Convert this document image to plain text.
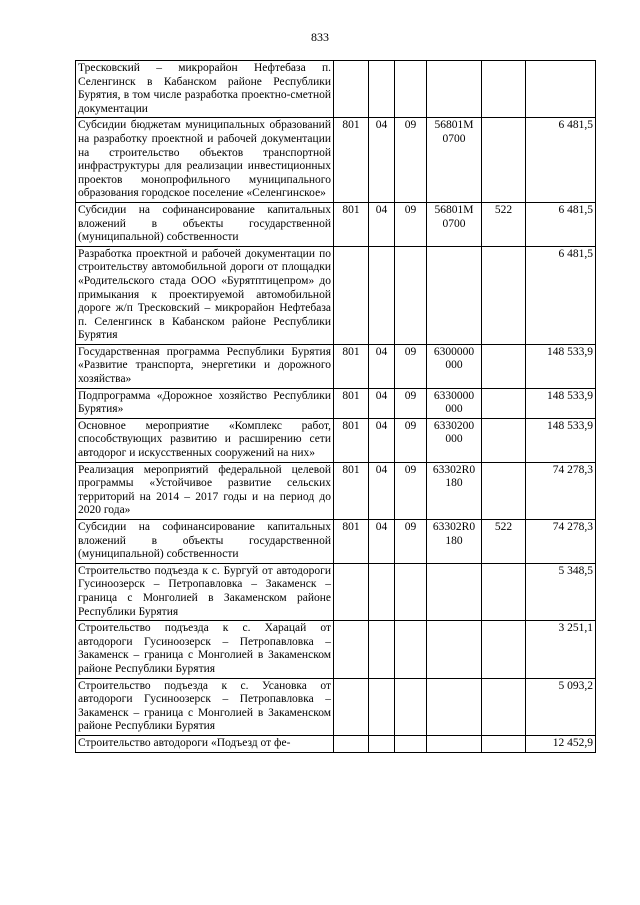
833
Тресковский – микрорайон Нефтебаза п. Селенгинск в Кабанском районе Республики Бурятия, в том числе разработка проектно-сметной документации						
Субсидии бюджетам муниципальных образований на разработку проектной и рабочей документации на строительство объектов транспортной инфраструктуры для реализации инвестиционных проектов монопрофильного муниципального образования городское поселение «Селенгинское»	801	04	09	56801М 0700		6 481,5
Субсидии на софинансирование капитальных вложений в объекты государственной (муниципальной) собственности	801	04	09	56801М 0700	522	6 481,5
Разработка проектной и рабочей документации по строительству автомобильной дороги от площадки «Родительского стада ООО «Бурятптицепром» до примыкания к проектируемой автомобильной дороге ж/п Тресковский – микрорайон Нефтебаза п. Селенгинск в Кабанском районе Республики Бурятия						6 481,5
Государственная программа Республики Бурятия «Развитие транспорта, энергетики и дорожного хозяйства»	801	04	09	6300000 000		148 533,9
Подпрограмма «Дорожное хозяйство Республики Бурятия»	801	04	09	6330000 000		148 533,9
Основное мероприятие «Комплекс работ, способствующих развитию и расширению сети автодорог и искусственных сооружений на них»	801	04	09	6330200 000		148 533,9
Реализация мероприятий федеральной целевой программы «Устойчивое развитие сельских территорий на 2014 – 2017 годы и на период до 2020 года»	801	04	09	63302R0 180		74 278,3
Субсидии на софинансирование капитальных вложений в объекты государственной (муниципальной) собственности	801	04	09	63302R0 180	522	74 278,3
Строительство подъезда к с. Бургуй от автодороги Гусиноозерск – Петропавловка – Закаменск – граница с Монголией в Закаменском районе Республики Бурятия						5 348,5
Строительство подъезда к с. Харацай от автодороги Гусиноозерск – Петропавловка – Закаменск – граница с Монголией в Закаменском районе Республики Бурятия						3 251,1
Строительство подъезда к с. Усановка от автодороги Гусиноозерск – Петропавловка – Закаменск – граница с Монголией в Закаменском районе Республики Бурятия						5 093,2
Строительство автодороги «Подъезд от фе-						12 452,9
